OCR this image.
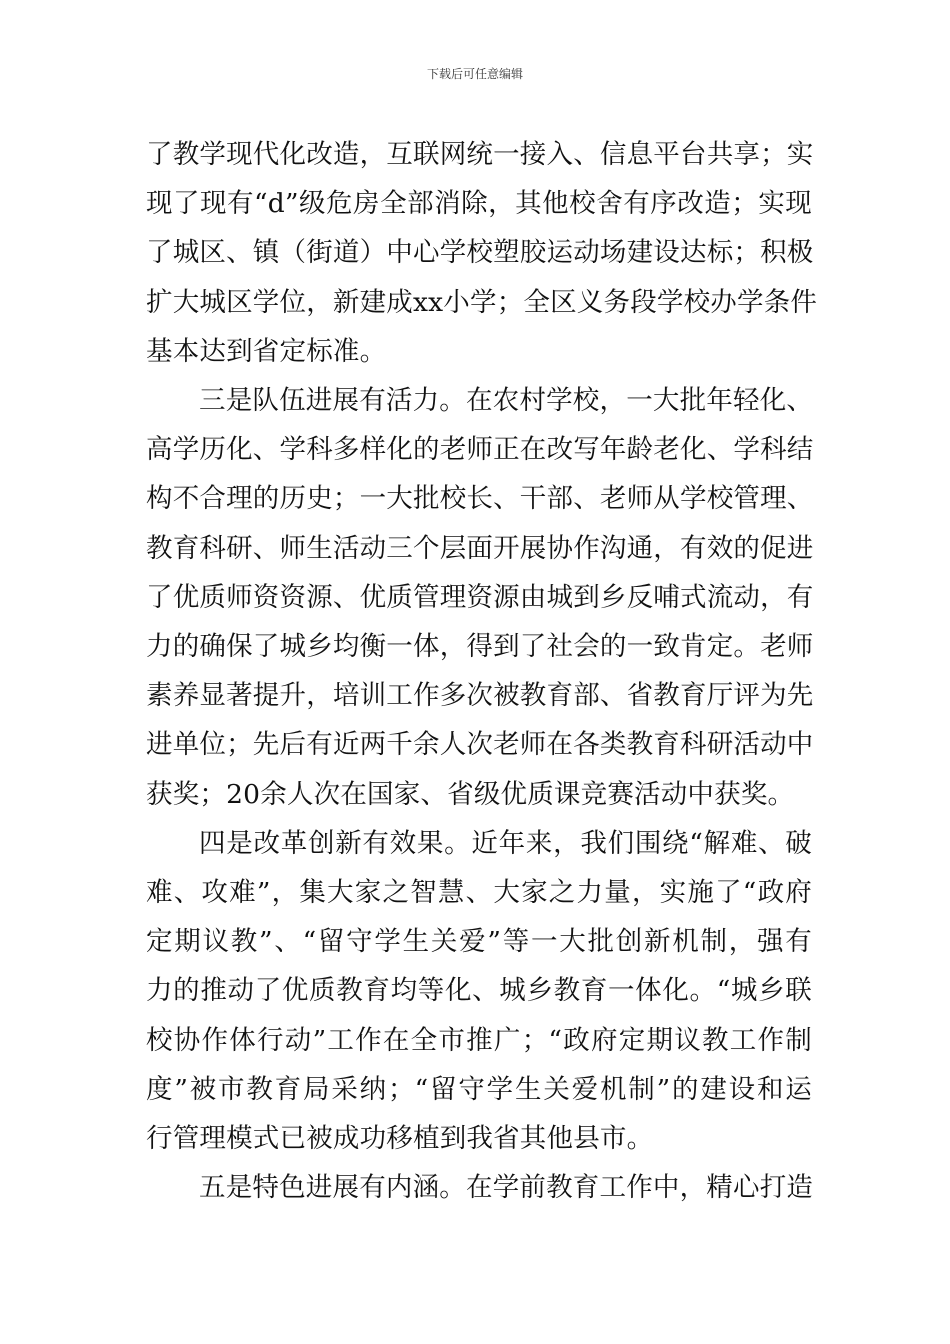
下载后可任意编辑
了教学现代化改造，互联网统一接入、信息平台共享；实
现了现有“d”级危房全部消除，其他校舍有序改造；实现
了城区、镇（街道）中心学校塑胶运动场建设达标；积极
扩大城区学位，新建成xx小学；全区义务段学校办学条件
基本达到省定标准。
三是队伍进展有活力。在农村学校，一大批年轻化、
高学历化、学科多样化的老师正在改写年龄老化、学科结
构不合理的历史；一大批校长、干部、老师从学校管理、
教育科研、师生活动三个层面开展协作沟通，有效的促进
了优质师资资源、优质管理资源由城到乡反哺式流动，有
力的确保了城乡均衡一体，得到了社会的一致肯定。老师
素养显著提升，培训工作多次被教育部、省教育厅评为先
进单位；先后有近两千余人次老师在各类教育科研活动中
获奖；20余人次在国家、省级优质课竞赛活动中获奖。
四是改革创新有效果。近年来，我们围绕“解难、破
难、攻难”，集大家之智慧、大家之力量，实施了“政府
定期议教”、“留守学生关爱”等一大批创新机制，强有
力的推动了优质教育均等化、城乡教育一体化。“城乡联
校协作体行动”工作在全市推广；“政府定期议教工作制
度”被市教育局采纳；“留守学生关爱机制”的建设和运
行管理模式已被成功移植到我省其他县市。
五是特色进展有内涵。在学前教育工作中，精心打造
